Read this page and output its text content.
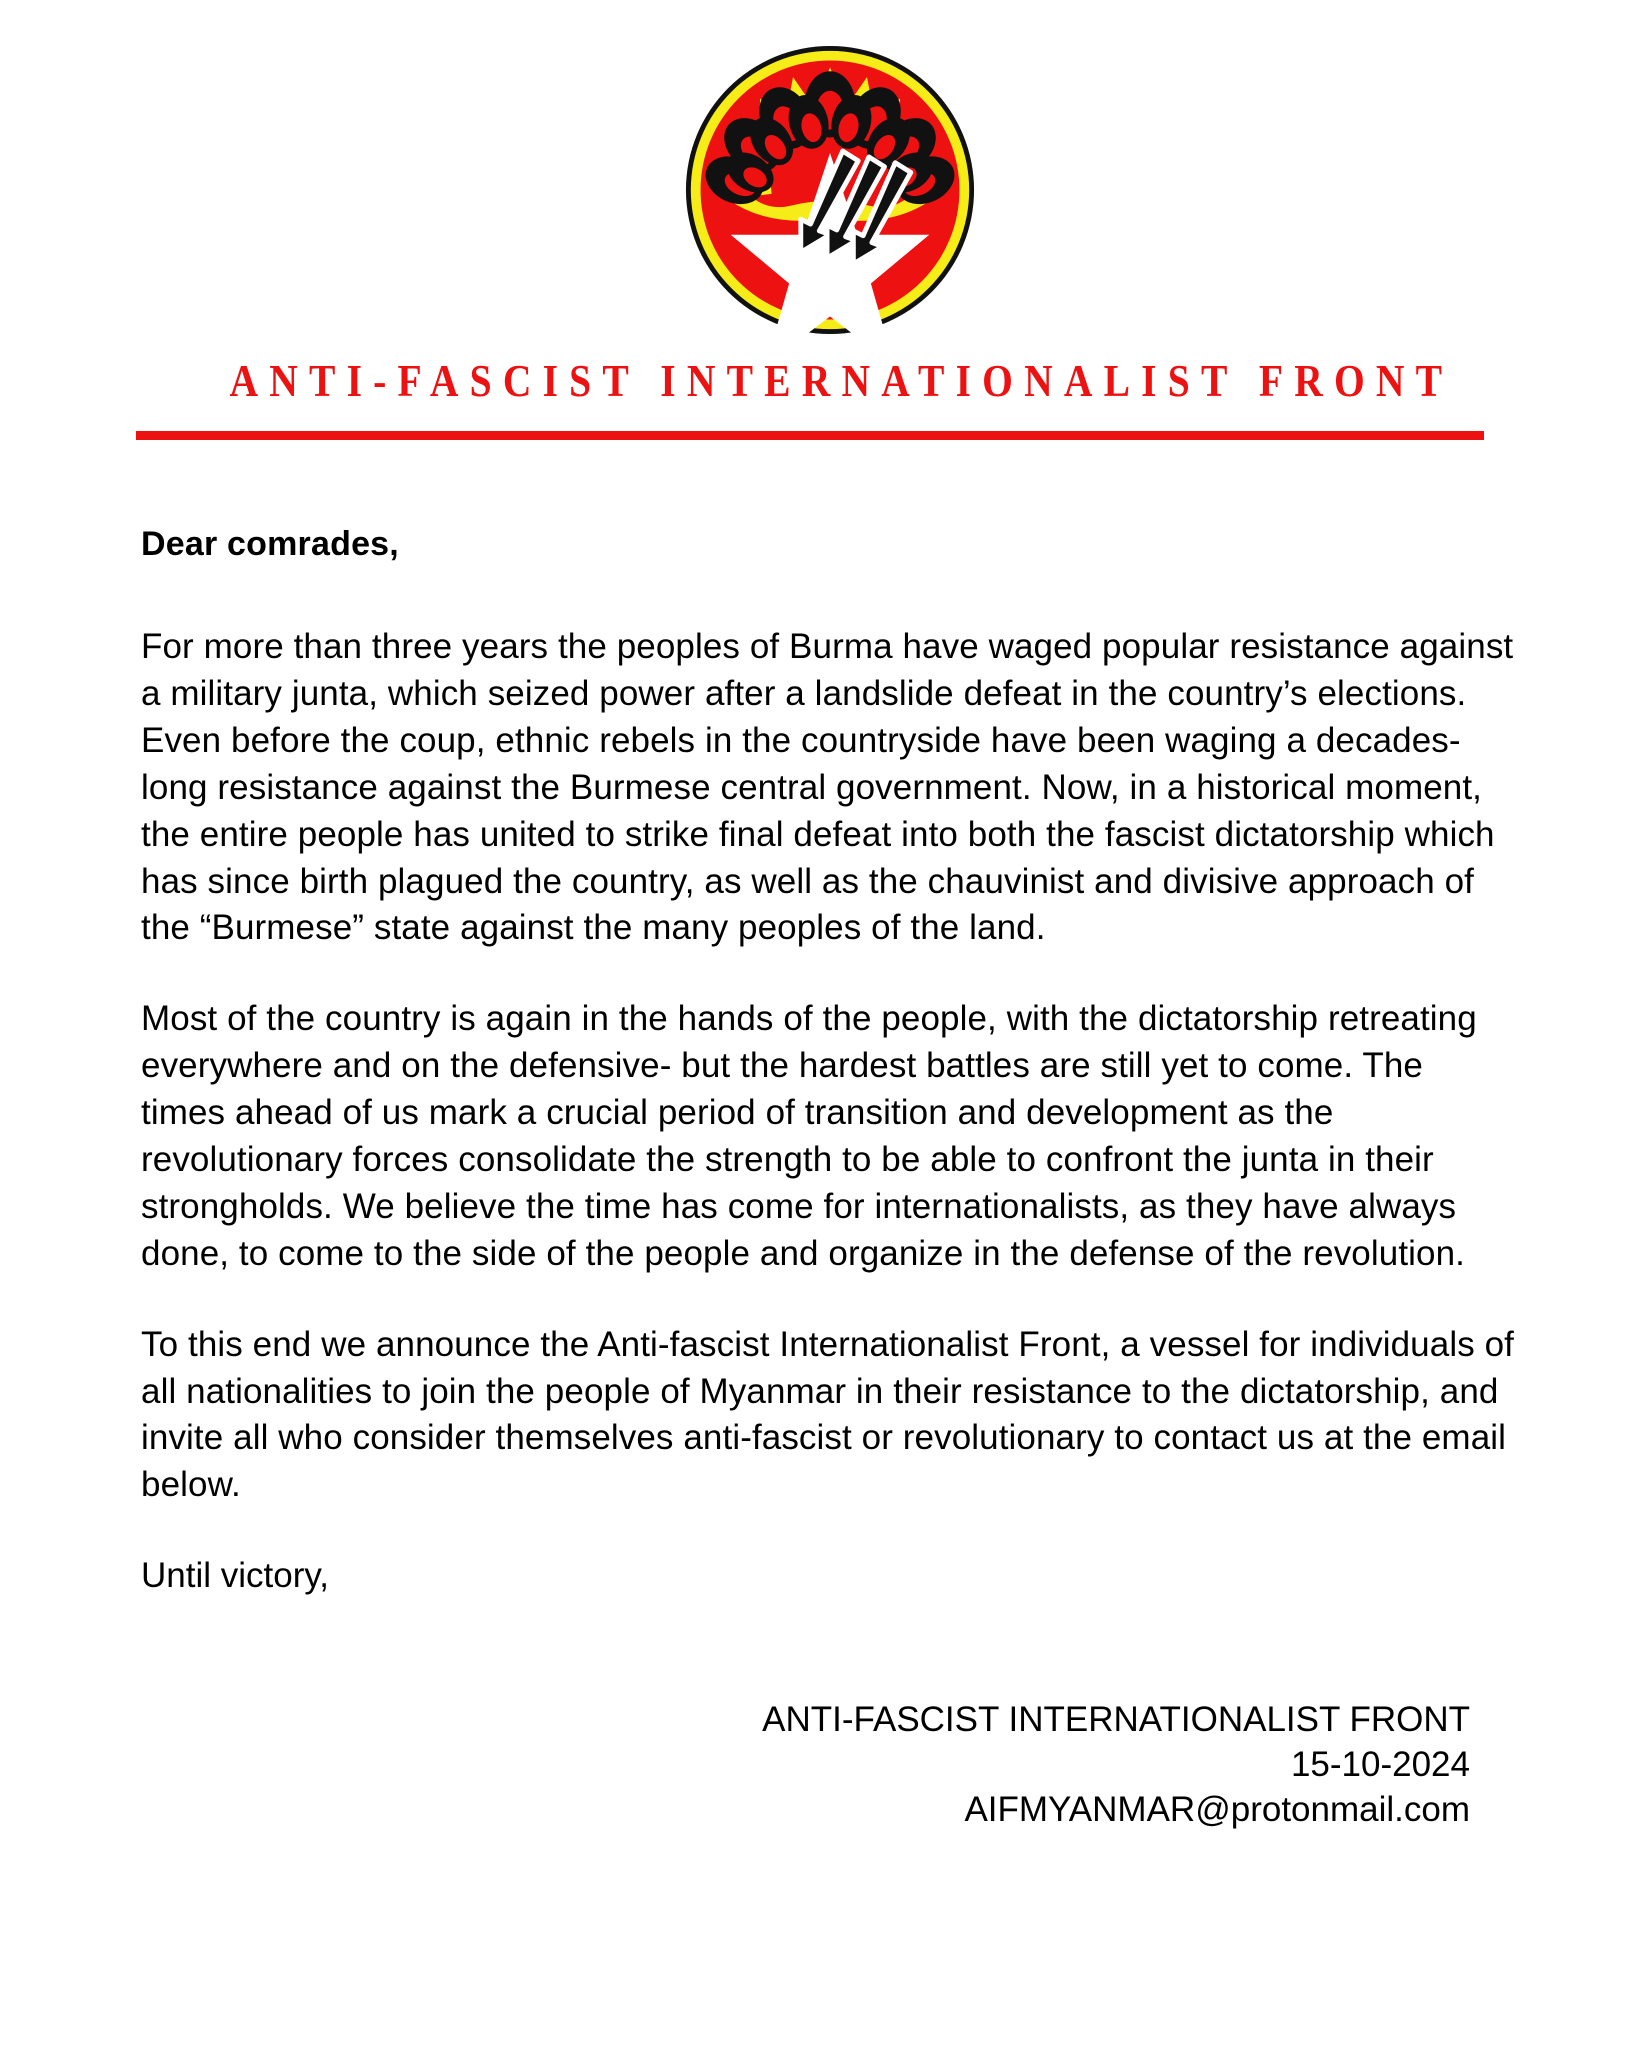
ANTI-FASCIST INTERNATIONALIST FRONT
Dear comrades,

For more than three years the peoples of Burma have waged popular resistance against a military junta, which seized power after a landslide defeat in the country’s elections. Even before the coup, ethnic rebels in the countryside have been waging a decades-long resistance against the Burmese central government. Now, in a historical moment, the entire people has united to strike final defeat into both the fascist dictatorship which has since birth plagued the country, as well as the chauvinist and divisive approach of the “Burmese” state against the many peoples of the land.

Most of the country is again in the hands of the people, with the dictatorship retreating everywhere and on the defensive- but the hardest battles are still yet to come. The times ahead of us mark a crucial period of transition and development as the revolutionary forces consolidate the strength to be able to confront the junta in their strongholds. We believe the time has come for internationalists, as they have always done, to come to the side of the people and organize in the defense of the revolution.

To this end we announce the Anti-fascist Internationalist Front, a vessel for individuals of all nationalities to join the people of Myanmar in their resistance to the dictatorship, and invite all who consider themselves anti-fascist or revolutionary to contact us at the email below.

Until victory,
ANTI-FASCIST INTERNATIONALIST FRONT
15-10-2024
AIFMYANMAR@protonmail.com
